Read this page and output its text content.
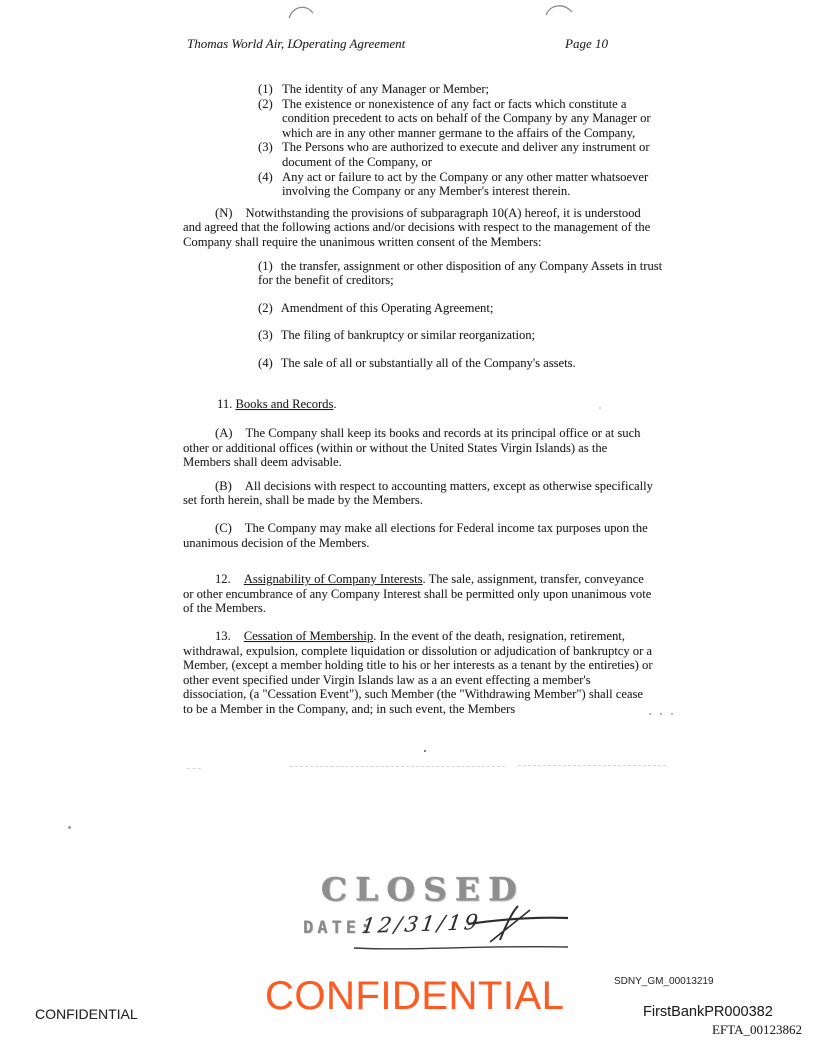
Thomas World Air, L.
Operating Agreement	Page 10
(1) The identity of any Manager or Member;
(2) The existence or nonexistence of any fact or facts which constitute a condition precedent to acts on behalf of the Company by any Manager or which are in any other manner germane to the affairs of the Company,
(3) The Persons who are authorized to execute and deliver any instrument or document of the Company, or
(4) Any act or failure to act by the Company or any other matter whatsoever involving the Company or any Member's interest therein.

(N) Notwithstanding the provisions of subparagraph 10(A) hereof, it is understood and agreed that the following actions and/or decisions with respect to the management of the Company shall require the unanimous written consent of the Members:

(1) the transfer, assignment or other disposition of any Company Assets in trust for the benefit of creditors;

(2) Amendment of this Operating Agreement;

(3) The filing of bankruptcy or similar reorganization;

(4) The sale of all or substantially all of the Company's assets.

11. Books and Records.

(A) The Company shall keep its books and records at its principal office or at such other or additional offices (within or without the United States Virgin Islands) as the Members shall deem advisable.

(B) All decisions with respect to accounting matters, except as otherwise specifically set forth herein, shall be made by the Members.

(C) The Company may make all elections for Federal income tax purposes upon the unanimous decision of the Members.

12. Assignability of Company Interests. The sale, assignment, transfer, conveyance or other encumbrance of any Company Interest shall be permitted only upon unanimous vote of the Members.

13. Cessation of Membership. In the event of the death, resignation, retirement, withdrawal, expulsion, complete liquidation or dissolution or adjudication of bankruptcy or a Member, (except a member holding title to his or her interests as a tenant by the entireties) or other event specified under Virgin Islands law as a an event effecting a member's dissociation, (a "Cessation Event"), such Member (the "Withdrawing Member") shall cease to be a Member in the Company, and; in such event, the Members

CLOSED
DATE:
12/31/19
CONFIDENTIAL	CONFIDENTIAL	SDNY_GM_00013219
FirstBankPR000382
EFTA_00123862
